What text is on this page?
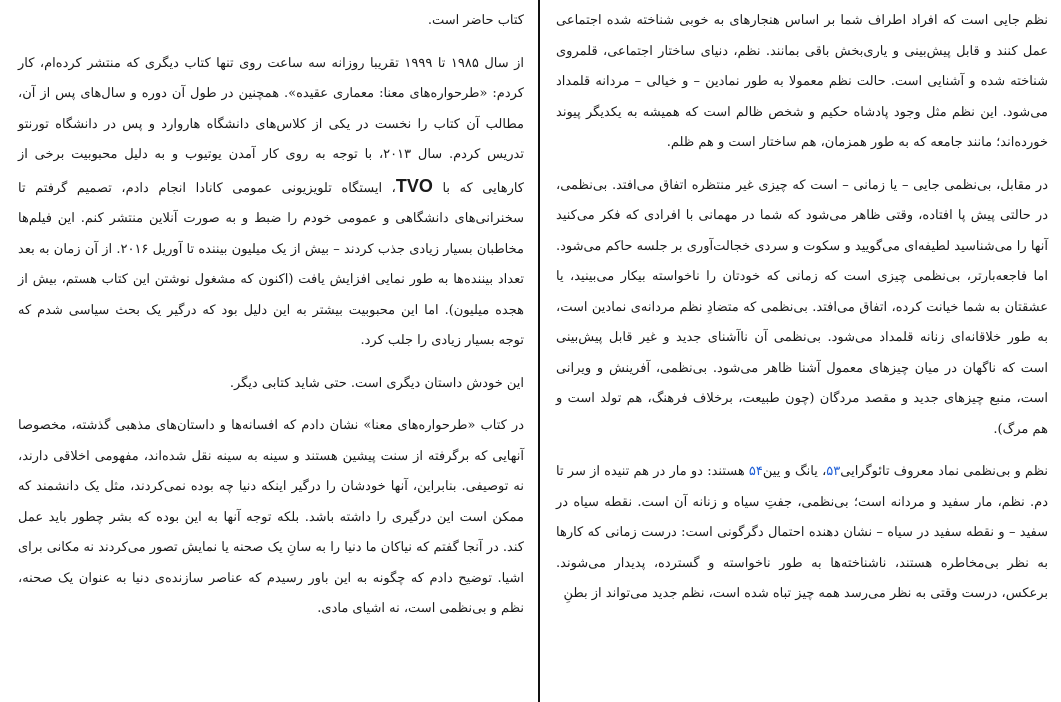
کتاب حاضر است.

از سال ۱۹۸۵ تا ۱۹۹۹ تقریبا روزانه سه ساعت روی تنها کتاب دیگری که منتشر کرده‌ام، کار کردم: «طرحواره‌های معنا: معماری عقیده». همچنین در طول آن دوره و سال‌های پس از آن، مطالب آن کتاب را نخست در یکی از کلاس‌های دانشگاه هاروارد و پس در دانشگاه تورنتو تدریس کردم. سال ۲۰۱۳، با توجه به روی کار آمدن یوتیوب و به دلیل محبوبیت برخی از کارهایی که با TVO، ایستگاه تلویزیونی عمومی کانادا انجام دادم، تصمیم گرفتم تا سخنرانی‌های دانشگاهی و عمومی خودم را ضبط و به صورت آنلاین منتشر کنم. این فیلم‌ها مخاطبان بسیار زیادی جذب کردند – بیش از یک میلیون بیننده تا آوریل ۲۰۱۶. از آن زمان به بعد تعداد بیننده‌ها به طور نمایی افزایش یافت (اکنون که مشغول نوشتن این کتاب هستم، بیش از هجده میلیون). اما این محبوبیت بیشتر به این دلیل بود که درگیر یک بحث سیاسی شدم که توجه بسیار زیادی را جلب کرد.

این خودش داستان دیگری است. حتی شاید کتابی دیگر.

در کتاب «طرحواره‌های معنا» نشان دادم که افسانه‌ها و داستان‌های مذهبی گذشته، مخصوصا آنهایی که برگرفته از سنت پیشین هستند و سینه به سینه نقل شده‌اند، مفهومی اخلاقی دارند، نه توصیفی. بنابراین، آنها خودشان را درگیر اینکه دنیا چه بوده نمی‌کردند، مثل یک دانشمند که ممکن است این درگیری را داشته باشد. بلکه توجه آنها به این بوده که بشر چطور باید عمل کند. در آنجا گفتم که نیاکان ما دنیا را به سانِ یک صحنه یا نمایش تصور می‌کردند نه مکانی برای اشیا. توضیح دادم که چگونه به این باور رسیدم که عناصر سازنده‌ی دنیا به عنوان یک صحنه، نظم و بی‌نظمی است، نه اشیای مادی.

نظم جایی است که افراد اطراف شما بر اساس هنجارهای به خوبی شناخته شده اجتماعی عمل کنند و قابل پیش‌بینی و یاری‌بخش باقی بمانند. نظم، دنیای ساختار اجتماعی، قلمروی شناخته شده و آشنایی است. حالت نظم معمولا به طور نمادین – و خیالی – مردانه قلمداد می‌شود. این نظم مثل وجود پادشاه حکیم و شخص ظالم است که همیشه به یکدیگر پیوند خورده‌اند؛ مانند جامعه که به طور همزمان، هم ساختار است و هم ظلم.

در مقابل، بی‌نظمی جایی – یا زمانی – است که چیزی غیر منتظره اتفاق می‌افتد. بی‌نظمی، در حالتی پیش پا افتاده، وقتی ظاهر می‌شود که شما در مهمانی با افرادی که فکر می‌کنید آنها را می‌شناسید لطیفه‌ای می‌گویید و سکوت و سردی خجالت‌آوری بر جلسه حاکم می‌شود. اما فاجعه‌بارتر، بی‌نظمی چیزی است که زمانی که خودتان را ناخواسته بیکار می‌بینید، یا عشقتان به شما خیانت کرده، اتفاق می‌افتد. بی‌نظمی که متضادِ نظم مردانه‌ی نمادین است، به طور خلاقانه‌ای زنانه قلمداد می‌شود. بی‌نظمی آن ناآشنای جدید و غیر قابل پیش‌بینی است که ناگهان در میان چیزهای معمول آشنا ظاهر می‌شود. بی‌نظمی، آفرینش و ویرانی است، منبع چیزهای جدید و مقصد مردگان (چون طبیعت، برخلاف فرهنگ، هم تولد است و هم مرگ).

نظم و بی‌نظمی نماد معروف تائوگرایی۵۳، یانگ و یین۵۴ هستند: دو مار در هم تنیده از سر تا دم. نظم، مار سفید و مردانه است؛ بی‌نظمی، جفتِ سیاه و زنانه آن است. نقطه سیاه در سفید – و نقطه سفید در سیاه – نشان دهنده احتمال دگرگونی است: درست زمانی که کارها به نظر بی‌مخاطره هستند، ناشناخته‌ها به طور ناخواسته و گسترده، پدیدار می‌شوند. برعکس، درست وقتی به نظر می‌رسد همه چیز تباه شده است، نظم جدید می‌تواند از بطنِ
